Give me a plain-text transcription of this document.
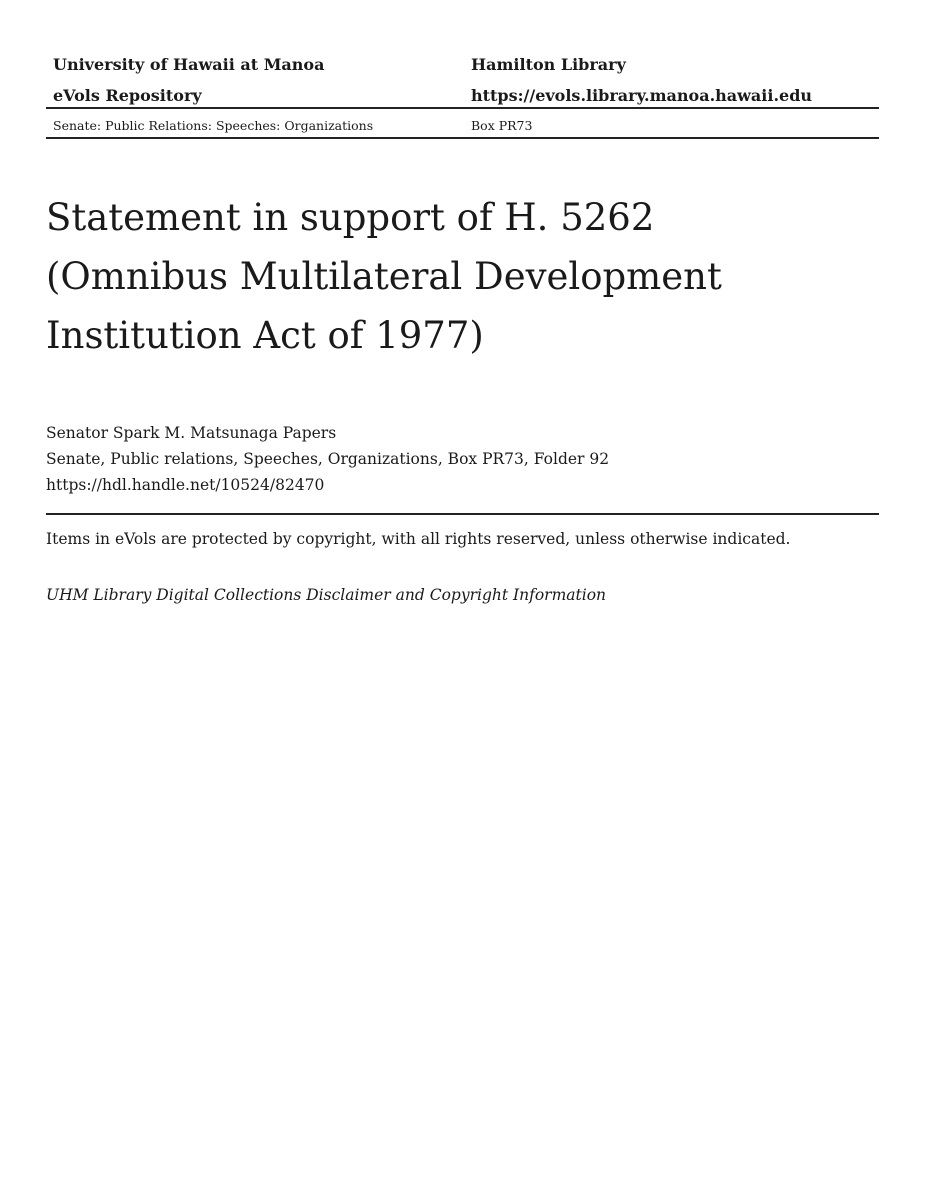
University of Hawaii at Manoa	Hamilton Library
eVols Repository	https://evols.library.manoa.hawaii.edu
Senate: Public Relations: Speeches: Organizations	Box PR73
Statement in support of H. 5262
(Omnibus Multilateral Development
Institution Act of 1977)
Senator Spark M. Matsunaga Papers
Senate, Public relations, Speeches, Organizations, Box PR73, Folder 92
https://hdl.handle.net/10524/82470
Items in eVols are protected by copyright, with all rights reserved, unless otherwise indicated.
UHM Library Digital Collections Disclaimer and Copyright Information
